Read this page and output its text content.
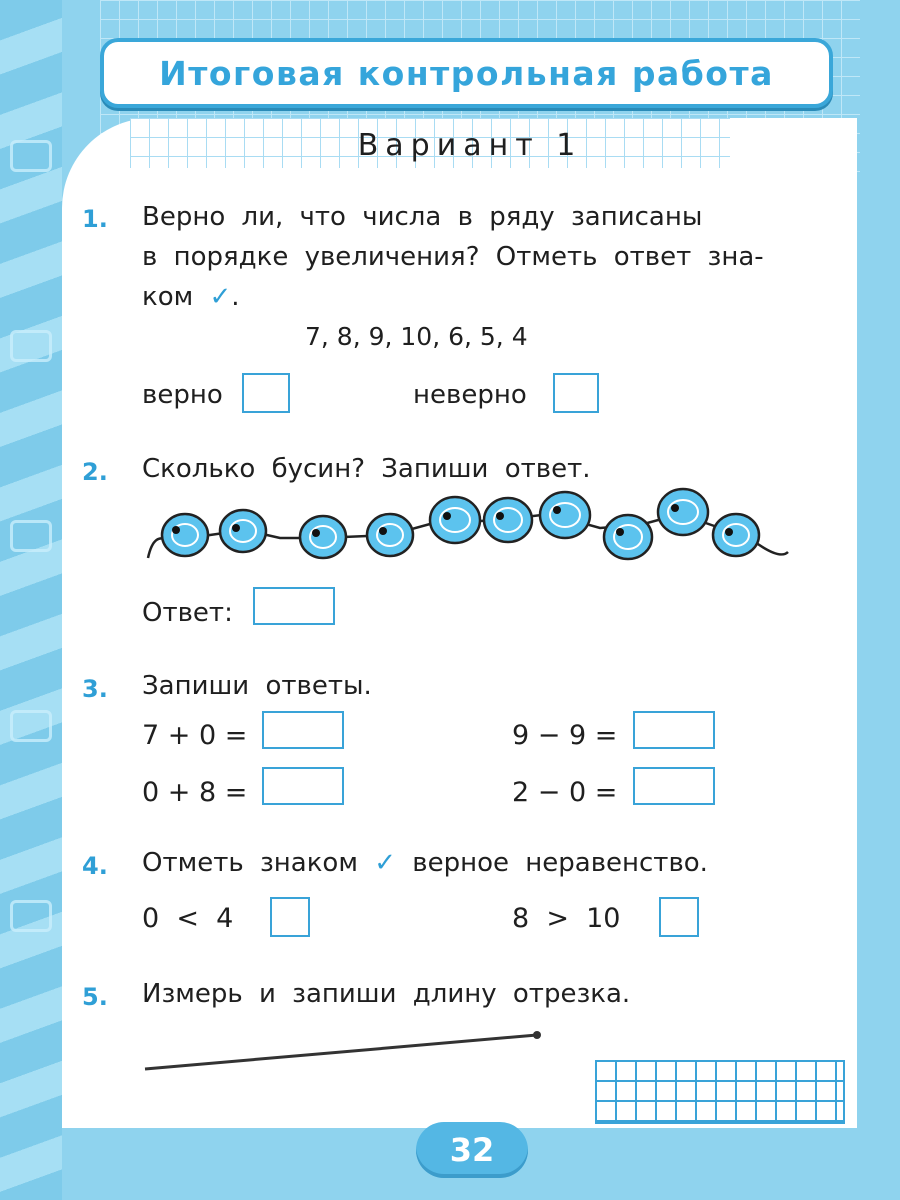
Итоговая контрольная работа
Вариант 1
1. Верно ли, что числа в ряду записаны
в порядке увеличения? Отметь ответ зна-
ком ✓.
7, 8, 9, 10, 6, 5, 4
верно	неверно
2. Сколько бусин? Запиши ответ.
Ответ:
3. Запиши ответы.
7 + 0 =
0 + 8 =
9 − 9 =
2 − 0 =
4. Отметь знаком ✓ верное неравенство.
0  <  4	8  >  10
5. Измерь и запиши длину отрезка.
32
